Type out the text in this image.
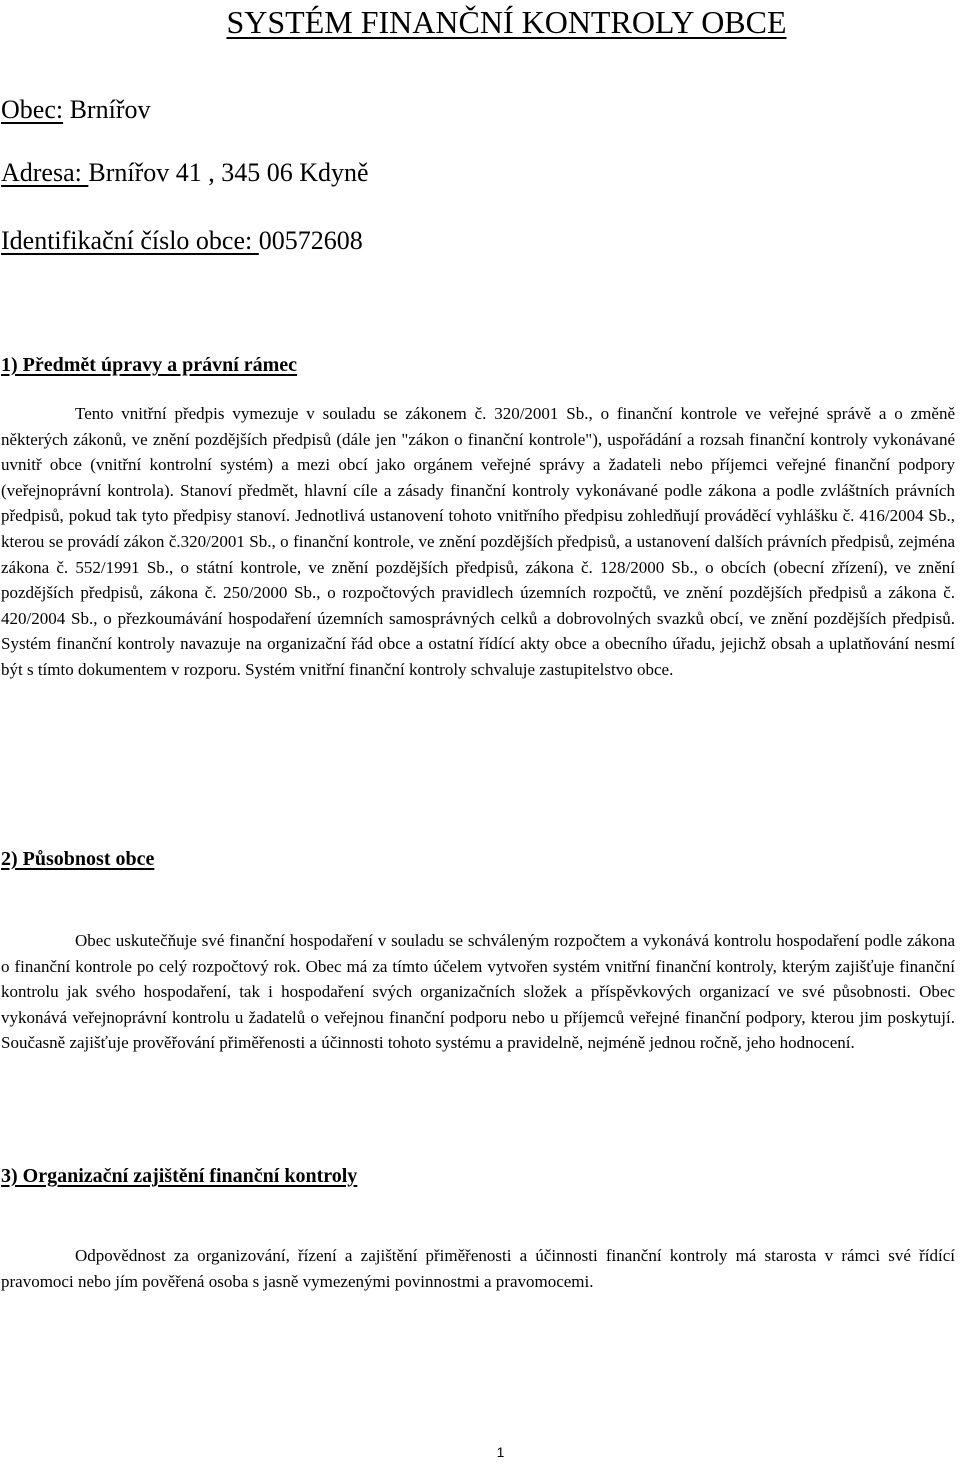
SYSTÉM FINANČNÍ KONTROLY OBCE
Obec: Brnířov
Adresa: Brnířov 41 , 345 06 Kdyně
Identifikační číslo obce: 00572608
1) Předmět úpravy a právní rámec

Tento vnitřní předpis vymezuje v souladu se zákonem č. 320/2001 Sb., o finanční kontrole ve veřejné správě a o změně některých zákonů, ve znění pozdějších předpisů (dále jen "zákon o finanční kontrole"), uspořádání a rozsah finanční kontroly vykonávané uvnitř obce (vnitřní kontrolní systém) a mezi obcí jako orgánem veřejné správy a žadateli nebo příjemci veřejné finanční podpory (veřejnoprávní kontrola). Stanoví předmět, hlavní cíle a zásady finanční kontroly vykonávané podle zákona a podle zvláštních právních předpisů, pokud tak tyto předpisy stanoví. Jednotlivá ustanovení tohoto vnitřního předpisu zohledňují prováděcí vyhlášku č. 416/2004 Sb., kterou se provádí zákon č.320/2001 Sb., o finanční kontrole, ve znění pozdějších předpisů, a ustanovení dalších právních předpisů, zejména zákona č. 552/1991 Sb., o státní kontrole, ve znění pozdějších předpisů, zákona č. 128/2000 Sb., o obcích (obecní zřízení), ve znění pozdějších předpisů, zákona č. 250/2000 Sb., o rozpočtových pravidlech územních rozpočtů, ve znění pozdějších předpisů a zákona č. 420/2004 Sb., o přezkoumávání hospodaření územních samosprávných celků a dobrovolných svazků obcí, ve znění pozdějších předpisů. Systém finanční kontroly navazuje na organizační řád obce a ostatní řídící akty obce a obecního úřadu, jejichž obsah a uplatňování nesmí být s tímto dokumentem v rozporu. Systém vnitřní finanční kontroly schvaluje zastupitelstvo obce.

2) Působnost obce

Obec uskutečňuje své finanční hospodaření v souladu se schváleným rozpočtem a vykonává kontrolu hospodaření podle zákona o finanční kontrole po celý rozpočtový rok. Obec má za tímto účelem vytvořen systém vnitřní finanční kontroly, kterým zajišťuje finanční kontrolu jak svého hospodaření, tak i hospodaření svých organizačních složek a příspěvkových organizací ve své působnosti. Obec vykonává veřejnoprávní kontrolu u žadatelů o veřejnou finanční podporu nebo u příjemců veřejné finanční podpory, kterou jim poskytují. Současně zajišťuje prověřování přiměřenosti a účinnosti tohoto systému a pravidelně, nejméně jednou ročně, jeho hodnocení.

3) Organizační zajištění finanční kontroly

Odpovědnost za organizování, řízení a zajištění přiměřenosti a účinnosti finanční kontroly má starosta v rámci své řídící pravomoci nebo jím pověřená osoba s jasně vymezenými povinnostmi a pravomocemi.

1
